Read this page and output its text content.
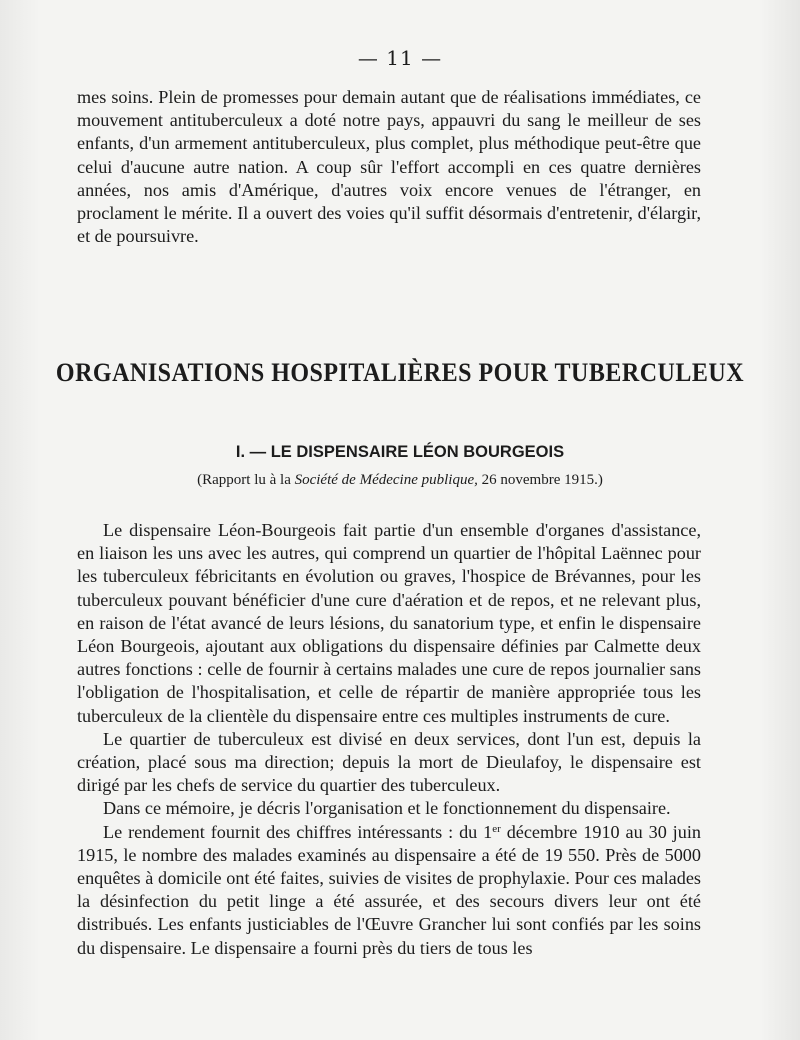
— 11 —

mes soins. Plein de promesses pour demain autant que de réalisations immédiates, ce mouvement antituberculeux a doté notre pays, appauvri du sang le meilleur de ses enfants, d'un armement antituberculeux, plus complet, plus méthodique peut-être que celui d'aucune autre nation. A coup sûr l'effort accompli en ces quatre dernières années, nos amis d'Amérique, d'autres voix encore venues de l'étranger, en proclament le mérite. Il a ouvert des voies qu'il suffit désormais d'entretenir, d'élargir, et de poursuivre.

ORGANISATIONS HOSPITALIÈRES POUR TUBERCULEUX
I. — LE DISPENSAIRE LÉON BOURGEOIS
(Rapport lu à la Société de Médecine publique, 26 novembre 1915.)

Le dispensaire Léon-Bourgeois fait partie d'un ensemble d'organes d'assistance, en liaison les uns avec les autres, qui comprend un quartier de l'hôpital Laënnec pour les tuberculeux fébricitants en évolution ou graves, l'hospice de Brévannes, pour les tuberculeux pouvant bénéficier d'une cure d'aération et de repos, et ne relevant plus, en raison de l'état avancé de leurs lésions, du sanatorium type, et enfin le dispensaire Léon Bourgeois, ajoutant aux obligations du dispensaire définies par Calmette deux autres fonctions : celle de fournir à certains malades une cure de repos journalier sans l'obligation de l'hospitalisation, et celle de répartir de manière appropriée tous les tuberculeux de la clientèle du dispensaire entre ces multiples instruments de cure.

Le quartier de tuberculeux est divisé en deux services, dont l'un est, depuis la création, placé sous ma direction; depuis la mort de Dieulafoy, le dispensaire est dirigé par les chefs de service du quartier des tuberculeux.

Dans ce mémoire, je décris l'organisation et le fonctionnement du dispensaire.

Le rendement fournit des chiffres intéressants : du 1er décembre 1910 au 30 juin 1915, le nombre des malades examinés au dispensaire a été de 19 550. Près de 5000 enquêtes à domicile ont été faites, suivies de visites de prophylaxie. Pour ces malades la désinfection du petit linge a été assurée, et des secours divers leur ont été distribués. Les enfants justiciables de l'Œuvre Grancher lui sont confiés par les soins du dispensaire. Le dispensaire a fourni près du tiers de tous les
